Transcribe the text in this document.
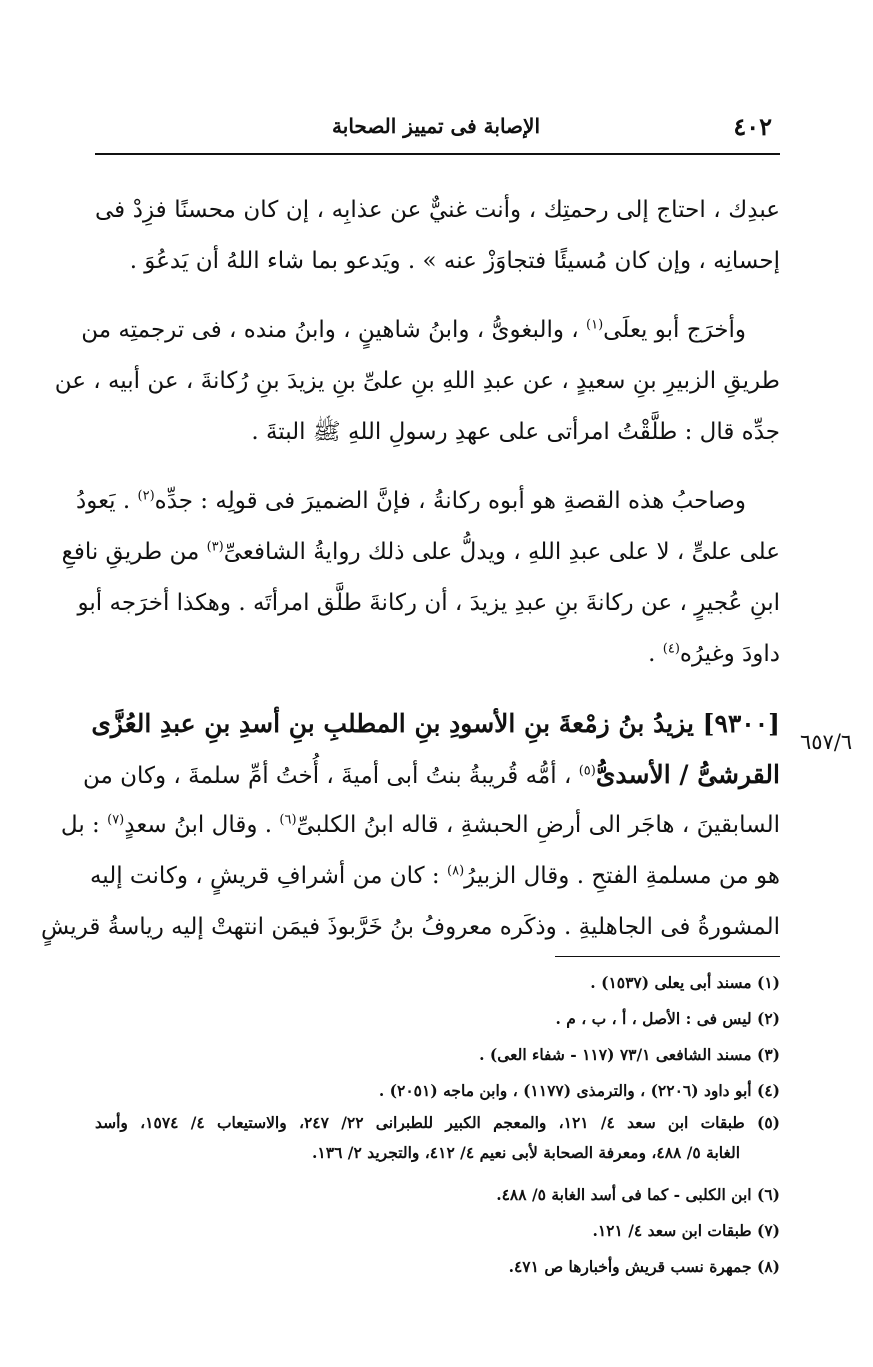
٤٠٢
الإصابة فى تمييز الصحابة
٦٥٧/٦
عبدِك ، احتاج إلى رحمتِك ، وأنت غنيٌّ عن عذابِه ، إن كان محسنًا فزِدْ فى
إحسانِه ، وإن كان مُسيئًا فتجاوَزْ عنه » . ويَدعو بما شاء اللهُ أن يَدعُوَ .
وأخرَج أبو يعلَى$^{(١)}$ ، والبغوىُّ ، وابنُ شاهينٍ ، وابنُ منده ، فى ترجمتِه من
طريقِ الزبيرِ بنِ سعيدٍ ، عن عبدِ اللهِ بنِ علىِّ بنِ يزيدَ بنِ رُكانةَ ، عن أبيه ، عن
جدِّه قال : طلَّقْتُ امرأتى على عهدِ رسولِ اللهِ ﷺ البتةَ .
وصاحبُ هذه القصةِ هو أبوه ركانةُ ، فإنَّ الضميرَ فى قولِه : جدِّه$^{(٢)}$ . يَعودُ
على علىٍّ ، لا على عبدِ اللهِ ، ويدلُّ على ذلك روايةُ الشافعىِّ$^{(٣)}$ من طريقِ نافعِ
ابنِ عُجيرٍ ، عن ركانةَ بنِ عبدِ يزيدَ ، أن ركانةَ طلَّق امرأتَه . وهكذا أخرَجه أبو
داودَ وغيرُه$^{(٤)}$ .
[٩٣٠٠] يزيدُ بنُ زمْعةَ بنِ الأسودِ بنِ المطلبِ بنِ أسدِ بنِ عبدِ العُزَّى
القرشىُّ / الأسدىُّ$^{(٥)}$ ، أمُّه قُريبةُ بنتُ أبى أميةَ ، أُختُ أمِّ سلمةَ ، وكان من
السابقينَ ، هاجَر الى أرضِ الحبشةِ ، قاله ابنُ الكلبىِّ$^{(٦)}$ . وقال ابنُ سعدٍ$^{(٧)}$ : بل
هو من مسلمةِ الفتحِ . وقال الزبيرُ$^{(٨)}$ : كان من أشرافِ قريشٍ ، وكانت إليه
المشورةُ فى الجاهليةِ . وذكَره معروفُ بنُ خَرَّبوذَ فيمَن انتهتْ إليه رياسةُ قريشٍ
(١) مسند أبى يعلى (١٥٣٧) .
(٢) ليس فى : الأصل ، أ ، ب ، م .
(٣) مسند الشافعى ٧٣/١ (١١٧ - شفاء العى) .
(٤) أبو داود (٢٢٠٦) ، والترمذى (١١٧٧) ، وابن ماجه (٢٠٥١) .
(٥) طبقات ابن سعد ٤/ ١٢١، والمعجم الكبير للطبرانى ٢٢/ ٢٤٧، والاستيعاب ٤/ ١٥٧٤، وأسد
الغابة ٥/ ٤٨٨، ومعرفة الصحابة لأبى نعيم ٤/ ٤١٢، والتجريد ٢/ ١٣٦.
(٦) ابن الكلبى - كما فى أسد الغابة ٥/ ٤٨٨.
(٧) طبقات ابن سعد ٤/ ١٢١.
(٨) جمهرة نسب قريش وأخبارها ص ٤٧١.
